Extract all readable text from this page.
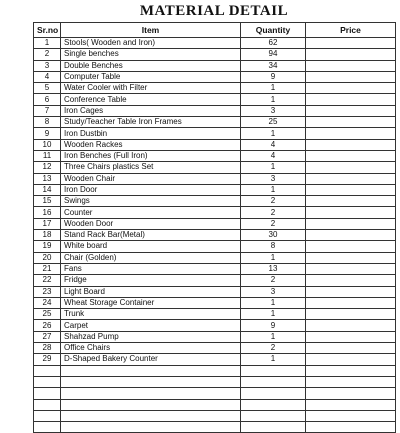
MATERIAL DETAIL
Sr.no	Item	Quantity	Price
1	Stools( Wooden and Iron)	62	
2	Single benches	94	
3	Double Benches	34	
4	Computer Table	9	
5	Water Cooler with Filter	1	
6	Conference Table	1	
7	Iron Cages	3	
8	Study/Teacher Table Iron Frames	25	
9	Iron Dustbin	1	
10	Wooden Rackes	4	
11	Iron Benches (Full Iron)	4	
12	Three Chairs plastics Set	1	
13	Wooden Chair	3	
14	Iron Door	1	
15	Swings	2	
16	Counter	2	
17	Wooden Door	2	
18	Stand Rack Bar(Metal)	30	
19	White board	8	
20	Chair (Golden)	1	
21	Fans	13	
22	Fridge	2	
23	Light Board	3	
24	Wheat Storage Container	1	
25	Trunk	1	
26	Carpet	9	
27	Shahzad Pump	1	
28	Office Chairs	2	
29	D-Shaped Bakery Counter	1	
